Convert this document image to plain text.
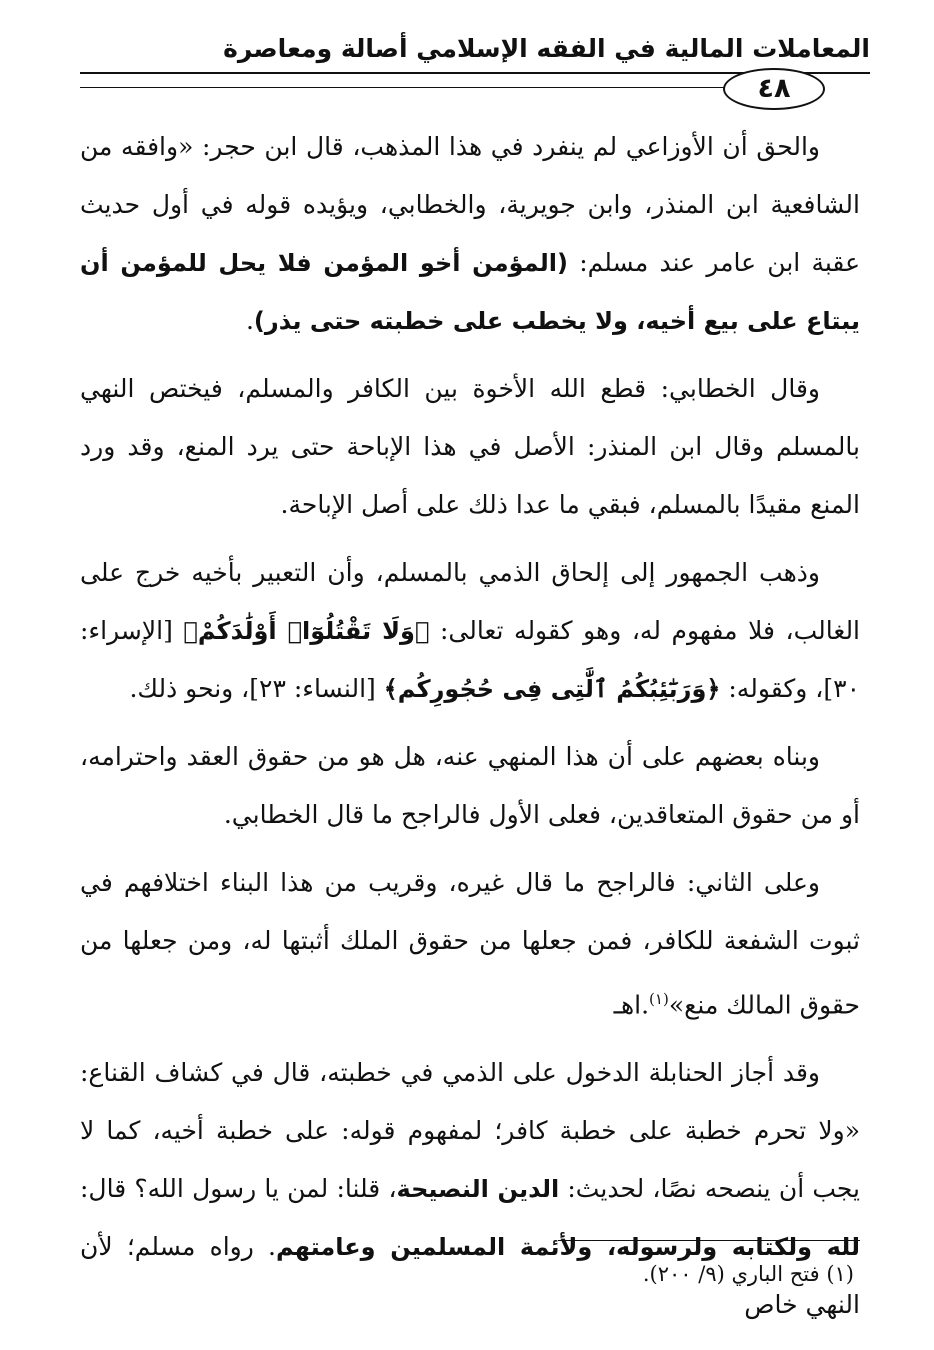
المعاملات المالية في الفقه الإسلامي أصالة ومعاصرة
٤٨

والحق أن الأوزاعي لم ينفرد في هذا المذهب، قال ابن حجر: «وافقه من الشافعية ابن المنذر، وابن جويرية، والخطابي، ويؤيده قوله في أول حديث عقبة ابن عامر عند مسلم: (المؤمن أخو المؤمن فلا يحل للمؤمن أن يبتاع على بيع أخيه، ولا يخطب على خطبته حتى يذر).

وقال الخطابي: قطع الله الأخوة بين الكافر والمسلم، فيختص النهي بالمسلم وقال ابن المنذر: الأصل في هذا الإباحة حتى يرد المنع، وقد ورد المنع مقيدًا بالمسلم، فبقي ما عدا ذلك على أصل الإباحة.

وذهب الجمهور إلى إلحاق الذمي بالمسلم، وأن التعبير بأخيه خرج على الغالب، فلا مفهوم له، وهو كقوله تعالى: ﴿وَلَا تَقْتُلُوٓا۟ أَوْلَٰدَكُمْ﴾ [الإسراء: ٣٠]، وكقوله: ﴿وَرَبَٰٓئِبُكُمُ ٱلَّٰتِى فِى حُجُورِكُم﴾ [النساء: ٢٣]، ونحو ذلك.

وبناه بعضهم على أن هذا المنهي عنه، هل هو من حقوق العقد واحترامه، أو من حقوق المتعاقدين، فعلى الأول فالراجح ما قال الخطابي.

وعلى الثاني: فالراجح ما قال غيره، وقريب من هذا البناء اختلافهم في ثبوت الشفعة للكافر، فمن جعلها من حقوق الملك أثبتها له، ومن جعلها من حقوق المالك منع»$^{(١)}$.اهـ

وقد أجاز الحنابلة الدخول على الذمي في خطبته، قال في كشاف القناع: «ولا تحرم خطبة على خطبة كافر؛ لمفهوم قوله: على خطبة أخيه، كما لا يجب أن ينصحه نصًا، لحديث: الدين النصيحة، قلنا: لمن يا رسول الله؟ قال: لله ولكتابه ولرسوله، ولأئمة المسلمين وعامتهم. رواه مسلم؛ لأن النهي خاص

(١) فتح الباري (٩/ ٢٠٠).
